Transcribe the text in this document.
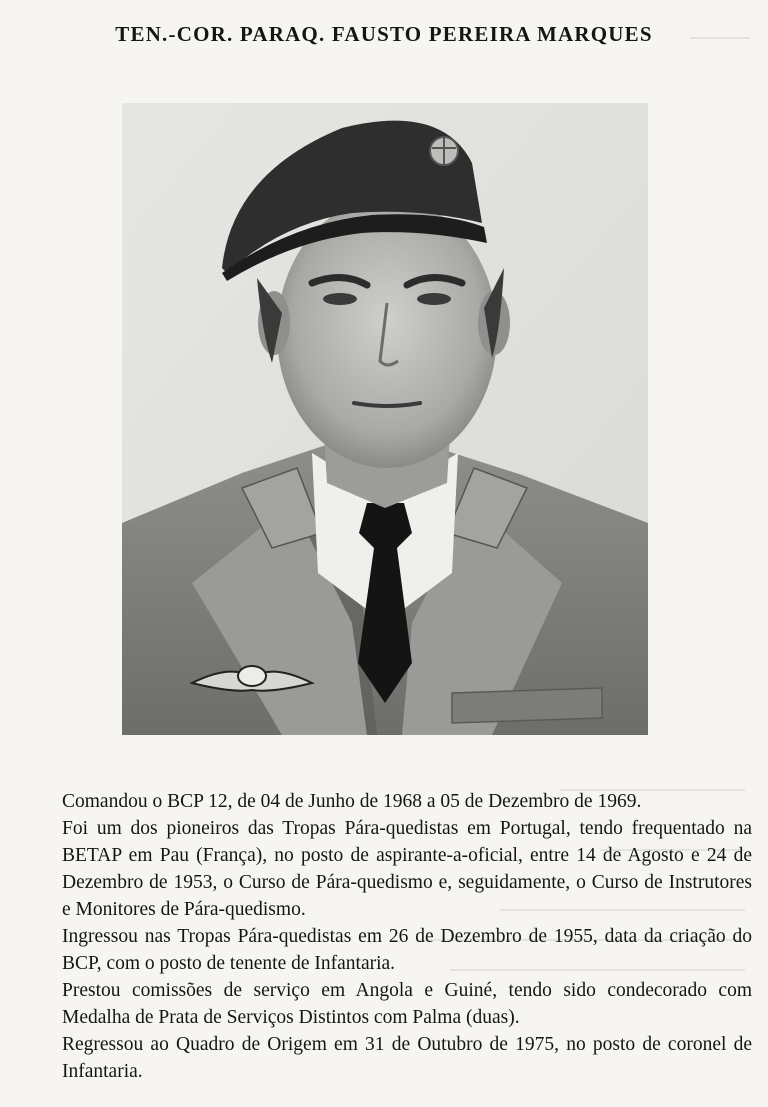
TEN.-COR. PARAQ. FAUSTO PEREIRA MARQUES

Comandou o BCP 12, de 04 de Junho de 1968 a 05 de Dezembro de 1969.

Foi um dos pioneiros das Tropas Pára-quedistas em Portugal, tendo frequentado na BETAP em Pau (França), no posto de aspirante-a-oficial, entre 14 de Agosto e 24 de Dezembro de 1953, o Curso de Pára-quedismo e, seguidamente, o Curso de Instrutores e Monitores de Pára-quedismo.

Ingressou nas Tropas Pára-quedistas em 26 de Dezembro de 1955, data da criação do BCP, com o posto de tenente de Infantaria.

Prestou comissões de serviço em Angola e Guiné, tendo sido condecorado com Medalha de Prata de Serviços Distintos com Palma (duas).

Regressou ao Quadro de Origem em 31 de Outubro de 1975, no posto de coronel de Infantaria.
